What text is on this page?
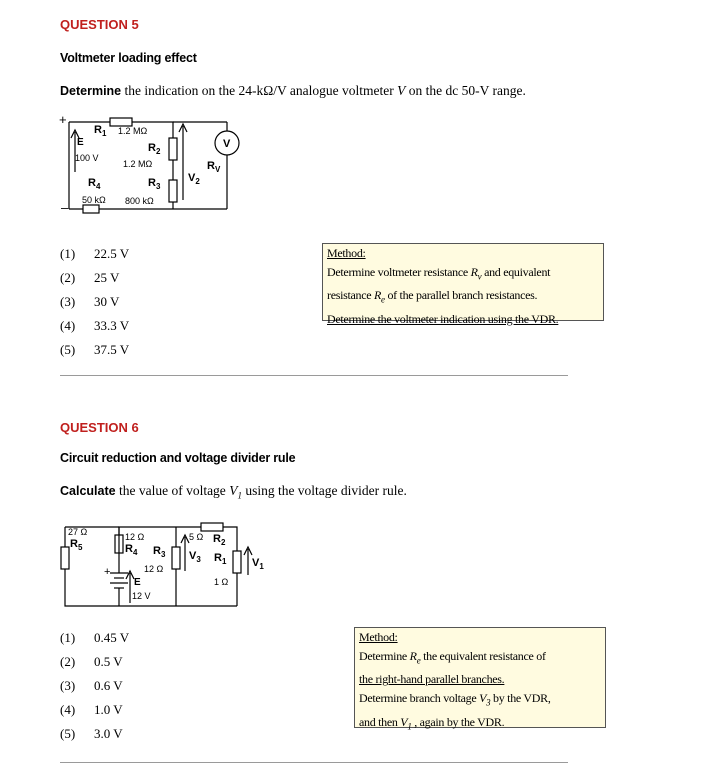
QUESTION 5
Voltmeter loading effect
Determine the indication on the 24-kΩ/V analogue voltmeter V on the dc 50-V range.
+
–
$R_1$ 1.2 MΩ
E
100 V
$R_2$
1.2 MΩ
$R_4$
50 kΩ
$R_3$
800 kΩ
$V_2$
$R_V$
V
(1) 22.5 V
(2) 25 V
(3) 30 V
(4) 33.3 V
(5) 37.5 V
Method:
Determine voltmeter resistance $R_v$ and equivalent
resistance $R_e$ of the parallel branch resistances.
Determine the voltmeter indication using the VDR.
QUESTION 6
Circuit reduction and voltage divider rule
Calculate the value of voltage $V_1$ using the voltage divider rule.
27 Ω
$R_5$
12 Ω
$R_4$ $R_3$
12 Ω
+
E
12 V
5 Ω $R_2$
$V_3$ $R_1$
1 Ω
$V_1$
(1) 0.45 V
(2) 0.5 V
(3) 0.6 V
(4) 1.0 V
(5) 3.0 V
Method:
Determine $R_e$ the equivalent resistance of
the right-hand parallel branches.
Determine branch voltage $V_3$ by the VDR,
and then $V_1$ , again by the VDR.
